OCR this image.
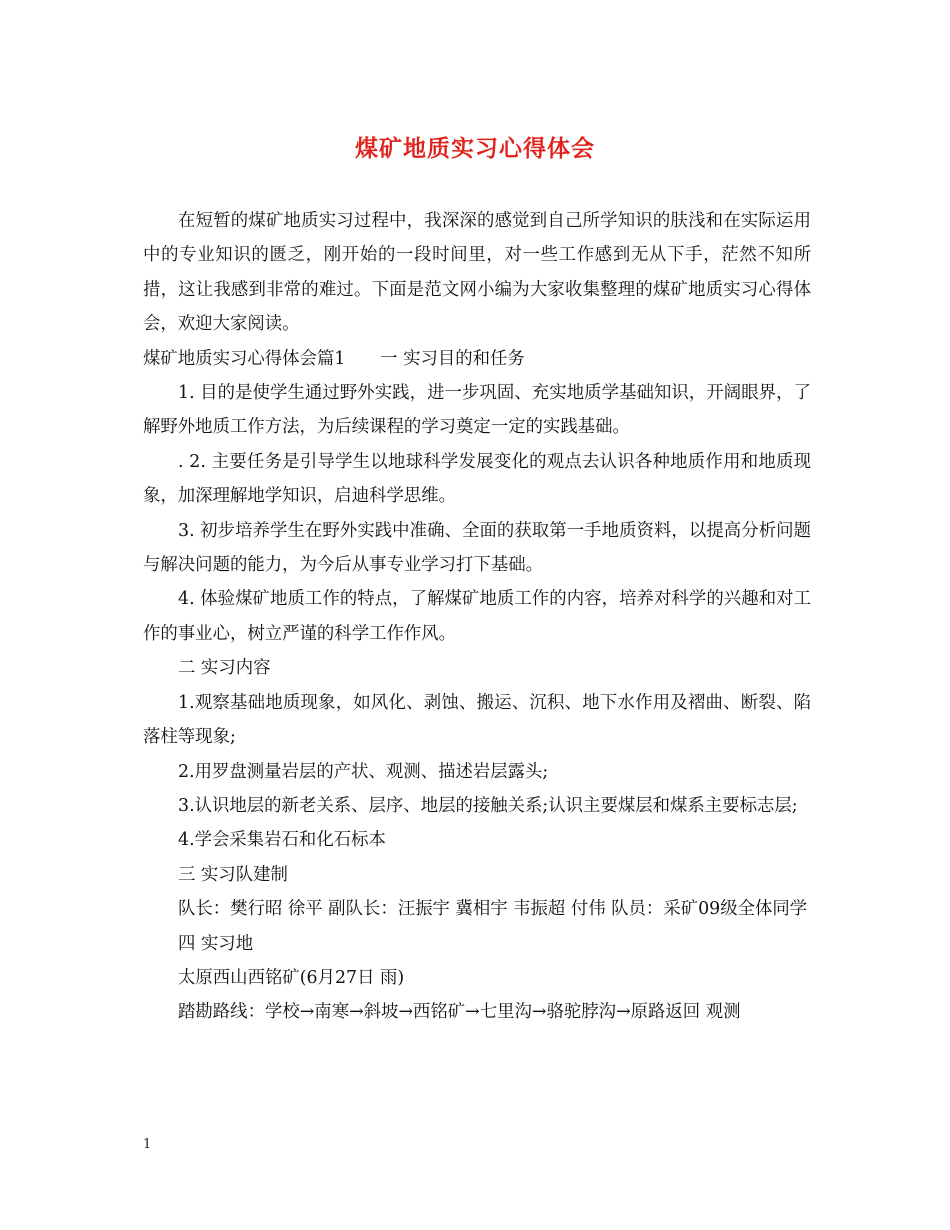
煤矿地质实习心得体会

在短暂的煤矿地质实习过程中，我深深的感觉到自己所学知识的肤浅和在实际运用中的专业知识的匮乏，刚开始的一段时间里，对一些工作感到无从下手，茫然不知所措，这让我感到非常的难过。下面是范文网小编为大家收集整理的煤矿地质实习心得体会，欢迎大家阅读。

煤矿地质实习心得体会篇1　　一 实习目的和任务

1. 目的是使学生通过野外实践，进一步巩固、充实地质学基础知识，开阔眼界，了解野外地质工作方法，为后续课程的学习奠定一定的实践基础。

. 2. 主要任务是引导学生以地球科学发展变化的观点去认识各种地质作用和地质现象，加深理解地学知识，启迪科学思维。

3. 初步培养学生在野外实践中准确、全面的获取第一手地质资料，以提高分析问题与解决问题的能力，为今后从事专业学习打下基础。

4. 体验煤矿地质工作的特点，了解煤矿地质工作的内容，培养对科学的兴趣和对工作的事业心，树立严谨的科学工作作风。

二 实习内容

1.观察基础地质现象，如风化、剥蚀、搬运、沉积、地下水作用及褶曲、断裂、陷落柱等现象;

2.用罗盘测量岩层的产状、观测、描述岩层露头;

3.认识地层的新老关系、层序、地层的接触关系;认识主要煤层和煤系主要标志层;

4.学会采集岩石和化石标本

三 实习队建制

队长：樊行昭 徐平 副队长：汪振宇 冀相宇 韦振超 付伟 队员：采矿09级全体同学

四 实习地

太原西山西铭矿(6月27日 雨)

踏勘路线：学校→南寒→斜坡→西铭矿→七里沟→骆驼脖沟→原路返回 观测

1
